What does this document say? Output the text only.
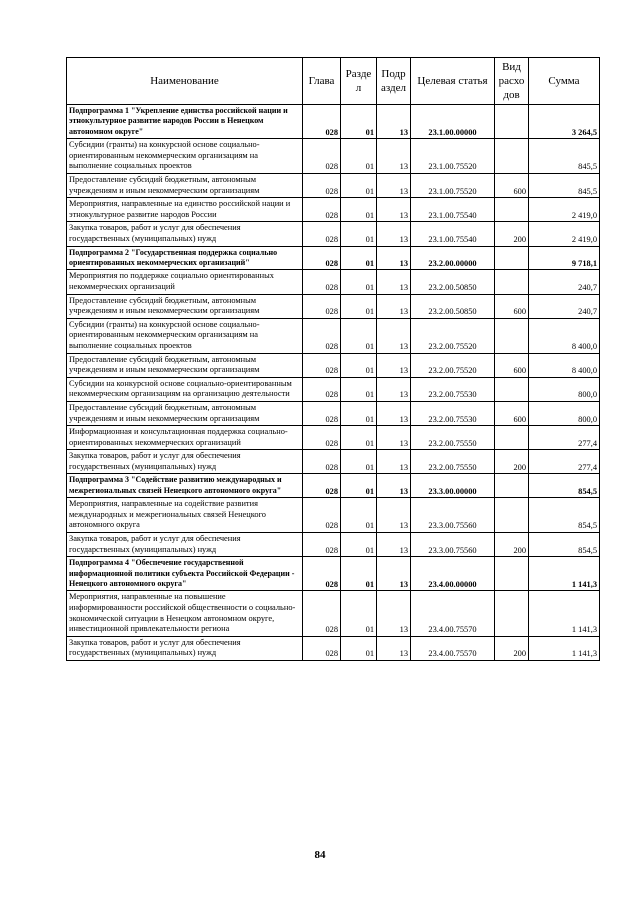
Наименование	Глава	Разде л	Подр аздел	Целевая статья	Вид расхо дов	Сумма
Подпрограмма 1 "Укрепление единства российской нации и этнокультурное развитие народов России в Ненецком автономном округе"	028	01	13	23.1.00.00000		3 264,5
Субсидии (гранты) на конкурсной основе социально-ориентированным некоммерческим организациям на выполнение социальных проектов	028	01	13	23.1.00.75520		845,5
Предоставление субсидий бюджетным, автономным учреждениям и иным некоммерческим организациям	028	01	13	23.1.00.75520	600	845,5
Мероприятия, направленные на единство российской нации и этнокультурное развитие народов России	028	01	13	23.1.00.75540		2 419,0
Закупка товаров, работ и услуг для обеспечения государственных (муниципальных) нужд	028	01	13	23.1.00.75540	200	2 419,0
Подпрограмма 2 "Государственная поддержка социально ориентированных некоммерческих организаций"	028	01	13	23.2.00.00000		9 718,1
Мероприятия по поддержке социально ориентированных некоммерческих организаций	028	01	13	23.2.00.50850		240,7
Предоставление субсидий бюджетным, автономным учреждениям и иным некоммерческим организациям	028	01	13	23.2.00.50850	600	240,7
Субсидии (гранты) на конкурсной основе социально-ориентированным некоммерческим организациям на выполнение социальных проектов	028	01	13	23.2.00.75520		8 400,0
Предоставление субсидий бюджетным, автономным учреждениям и иным некоммерческим организациям	028	01	13	23.2.00.75520	600	8 400,0
Субсидии на конкурсной основе социально-ориентированным некоммерческим организациям на организацию деятельности	028	01	13	23.2.00.75530		800,0
Предоставление субсидий бюджетным, автономным учреждениям и иным некоммерческим организациям	028	01	13	23.2.00.75530	600	800,0
Информационная и консультационная поддержка социально-ориентированных некоммерческих организаций	028	01	13	23.2.00.75550		277,4
Закупка товаров, работ и услуг для обеспечения государственных (муниципальных) нужд	028	01	13	23.2.00.75550	200	277,4
Подпрограмма 3 "Содействие развитию международных и межрегиональных связей Ненецкого автономного округа"	028	01	13	23.3.00.00000		854,5
Мероприятия, направленные на содействие развития международных и межрегиональных связей Ненецкого автономного округа	028	01	13	23.3.00.75560		854,5
Закупка товаров, работ и услуг для обеспечения государственных (муниципальных) нужд	028	01	13	23.3.00.75560	200	854,5
Подпрограмма 4 "Обеспечение государственной информационной политики субъекта Российской Федерации - Ненецкого автономного округа"	028	01	13	23.4.00.00000		1 141,3
Мероприятия, направленные на повышение информированности российской общественности о социально-экономической ситуации в Ненецком автономном округе, инвестиционной привлекательности региона	028	01	13	23.4.00.75570		1 141,3
Закупка товаров, работ и услуг для обеспечения государственных (муниципальных) нужд	028	01	13	23.4.00.75570	200	1 141,3
84
